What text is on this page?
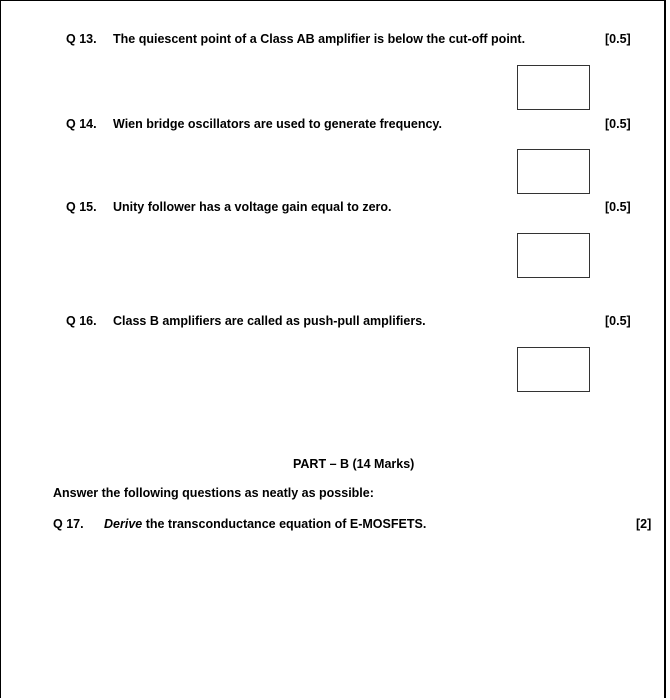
Q 13. The quiescent point of a Class AB amplifier is below the cut-off point.	[0.5]
Q 14. Wien bridge oscillators are used to generate frequency.	[0.5]
Q 15. Unity follower has a voltage gain equal to zero.	[0.5]
Q 16. Class B amplifiers are called as push-pull amplifiers.	[0.5]
PART – B (14 Marks)
Answer the following questions as neatly as possible:
Q 17. Derive the transconductance equation of E-MOSFETS.	[2]
